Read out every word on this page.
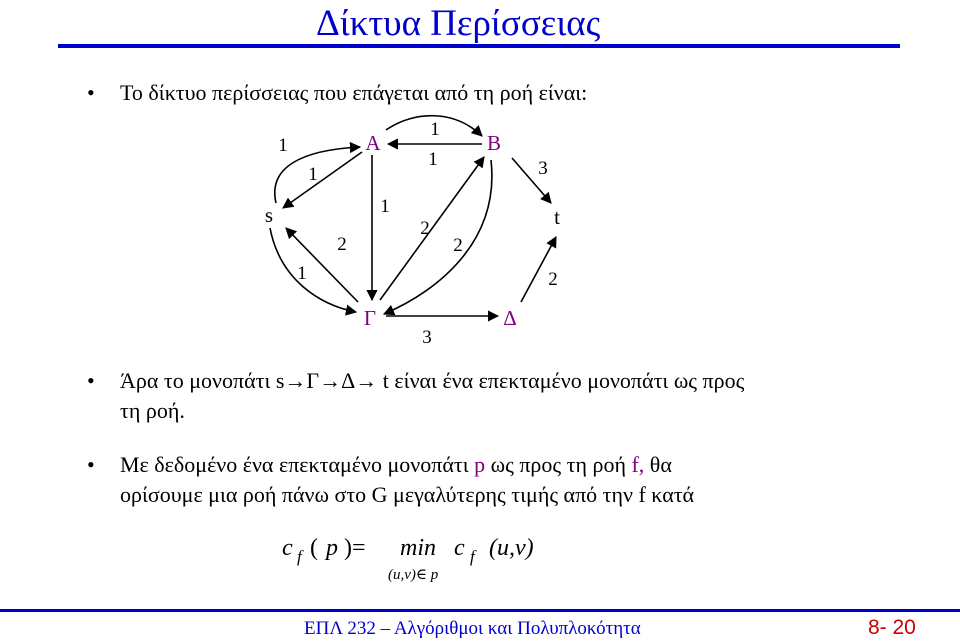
Δίκτυα Περίσσειας
• Το δίκτυο περίσσειας που επάγεται από τη ροή είναι:
Α	Β
Γ	Δ
s	t
1
1
1
1	3
1
1
2
2
2
3
2
• Άρα το μονοπάτι s→Γ→Δ→ t είναι ένα επεκταμένο μονοπάτι ως προς
τη ροή.
• Με δεδομένο ένα επεκταμένο μονοπάτι p ως προς τη ροή f, θα
ορίσουμε μια ροή πάνω στο G μεγαλύτερης τιμής από την f κατά
c f ( p )= min c f (u,v)
(u,v)∈ p
ΕΠΛ 232 – Αλγόριθμοι και Πολυπλοκότητα	8- 20
